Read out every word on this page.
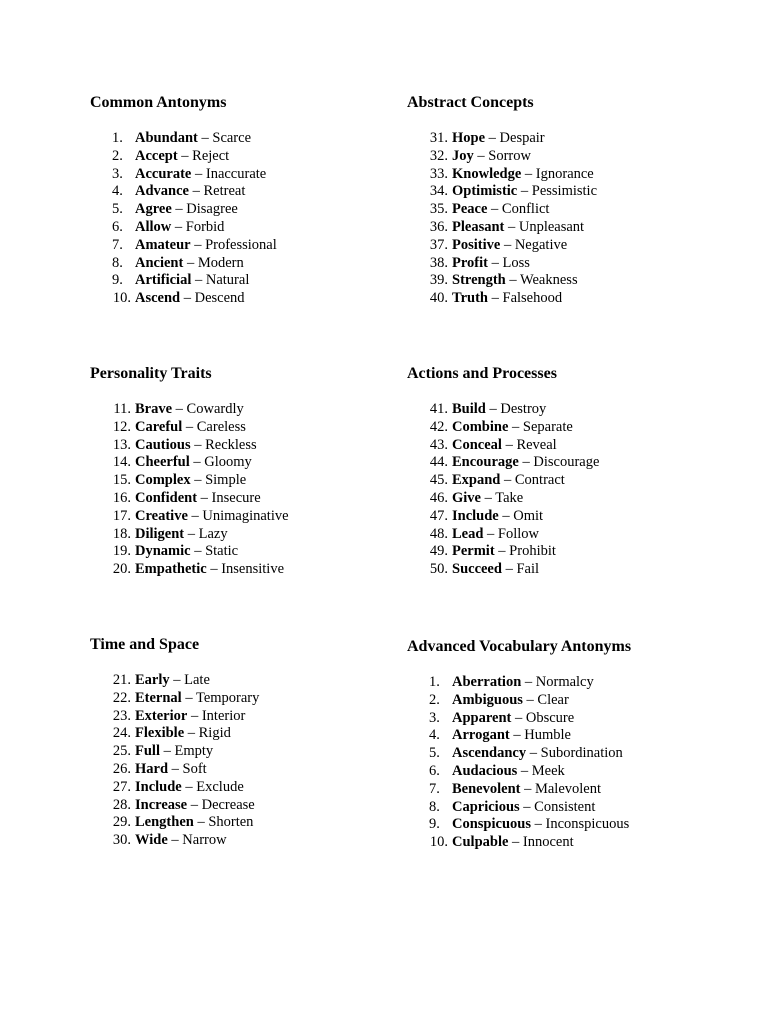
Common Antonyms
1. Abundant – Scarce
2. Accept – Reject
3. Accurate – Inaccurate
4. Advance – Retreat
5. Agree – Disagree
6. Allow – Forbid
7. Amateur – Professional
8. Ancient – Modern
9. Artificial – Natural
10. Ascend – Descend
Abstract Concepts
31. Hope – Despair
32. Joy – Sorrow
33. Knowledge – Ignorance
34. Optimistic – Pessimistic
35. Peace – Conflict
36. Pleasant – Unpleasant
37. Positive – Negative
38. Profit – Loss
39. Strength – Weakness
40. Truth – Falsehood
Personality Traits
11. Brave – Cowardly
12. Careful – Careless
13. Cautious – Reckless
14. Cheerful – Gloomy
15. Complex – Simple
16. Confident – Insecure
17. Creative – Unimaginative
18. Diligent – Lazy
19. Dynamic – Static
20. Empathetic – Insensitive
Actions and Processes
41. Build – Destroy
42. Combine – Separate
43. Conceal – Reveal
44. Encourage – Discourage
45. Expand – Contract
46. Give – Take
47. Include – Omit
48. Lead – Follow
49. Permit – Prohibit
50. Succeed – Fail
Time and Space
21. Early – Late
22. Eternal – Temporary
23. Exterior – Interior
24. Flexible – Rigid
25. Full – Empty
26. Hard – Soft
27. Include – Exclude
28. Increase – Decrease
29. Lengthen – Shorten
30. Wide – Narrow
Advanced Vocabulary Antonyms
1. Aberration – Normalcy
2. Ambiguous – Clear
3. Apparent – Obscure
4. Arrogant – Humble
5. Ascendancy – Subordination
6. Audacious – Meek
7. Benevolent – Malevolent
8. Capricious – Consistent
9. Conspicuous – Inconspicuous
10. Culpable – Innocent
